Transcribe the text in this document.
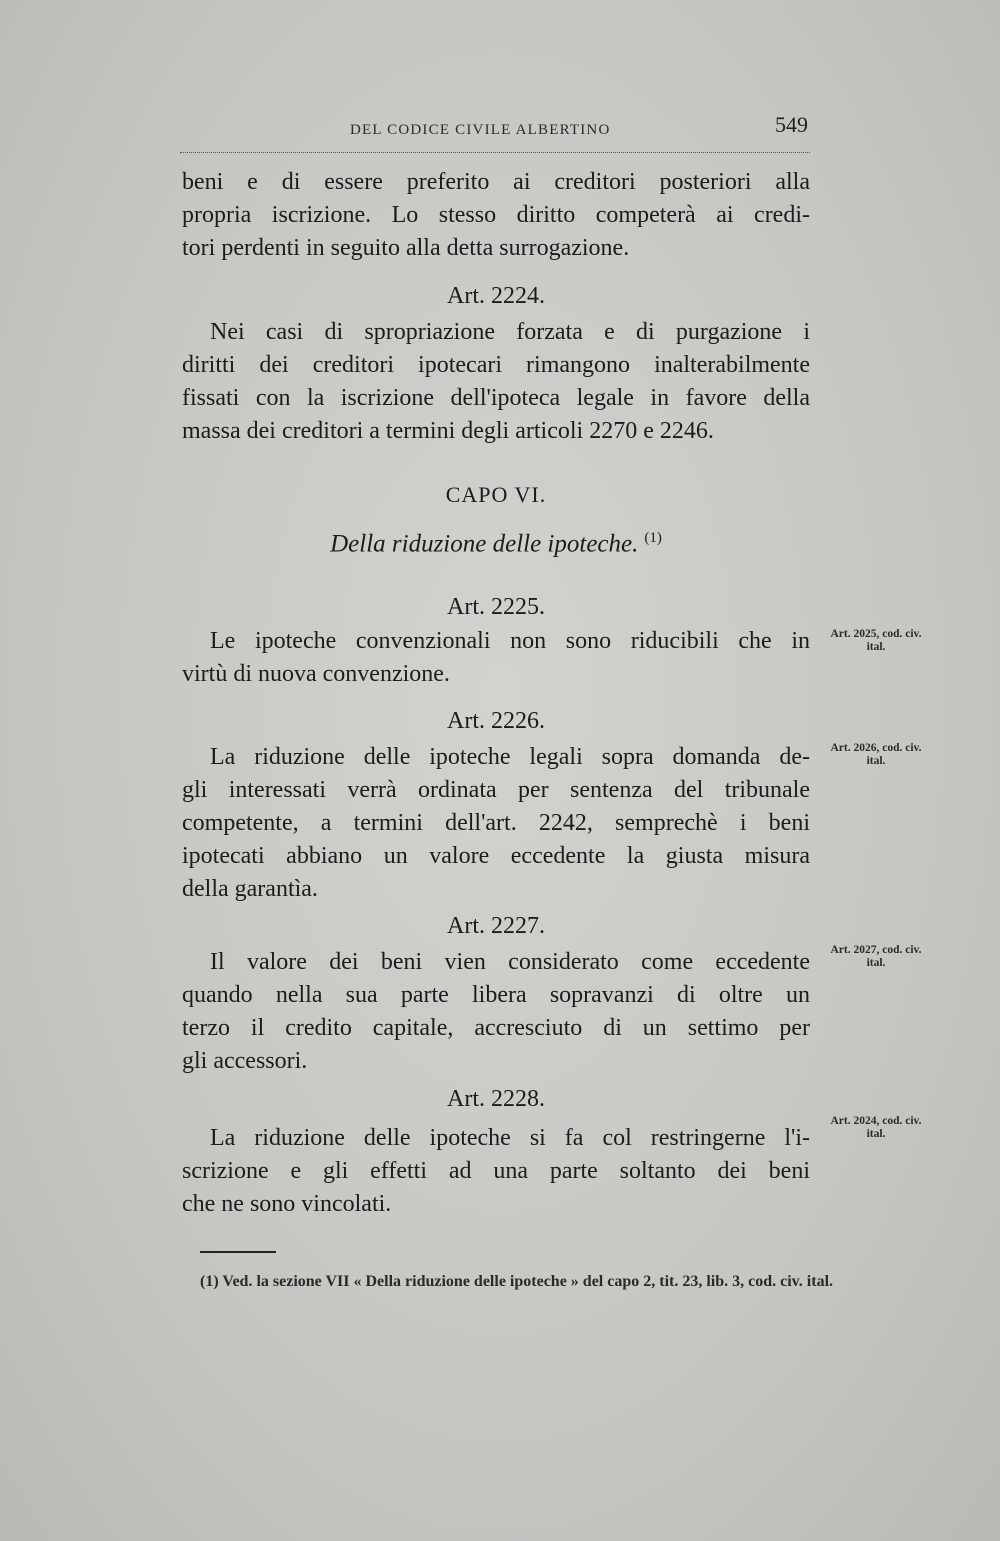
DEL CODICE CIVILE ALBERTINO	549
beni e di essere preferito ai creditori posteriori alla
propria iscrizione. Lo stesso diritto competerà ai credi-
tori perdenti in seguito alla detta surrogazione.
Art. 2224.
Nei casi di spropriazione forzata e di purgazione i
diritti dei creditori ipotecari rimangono inalterabilmente
fissati con la iscrizione dell'ipoteca legale in favore della
massa dei creditori a termini degli articoli 2270 e 2246.
CAPO VI.
Della riduzione delle ipoteche. $^{(1)}$
Art. 2225.
Le ipoteche convenzionali non sono riducibili che in
virtù di nuova convenzione.
Art. 2025, cod. civ. ital.
Art. 2226.
La riduzione delle ipoteche legali sopra domanda de-
gli interessati verrà ordinata per sentenza del tribunale
competente, a termini dell'art. 2242, semprechè i beni
ipotecati abbiano un valore eccedente la giusta misura
della garantìa.
Art. 2026, cod. civ. ital.
Art. 2227.
Il valore dei beni vien considerato come eccedente
quando nella sua parte libera sopravanzi di oltre un
terzo il credito capitale, accresciuto di un settimo per
gli accessori.
Art. 2027, cod. civ. ital.
Art. 2228.
La riduzione delle ipoteche si fa col restringerne l'i-
scrizione e gli effetti ad una parte soltanto dei beni
che ne sono vincolati.
Art. 2024, cod. civ. ital.
(1) Ved. la sezione VII « Della riduzione delle ipoteche » del capo 2, tit. 23, lib. 3, cod. civ. ital.
